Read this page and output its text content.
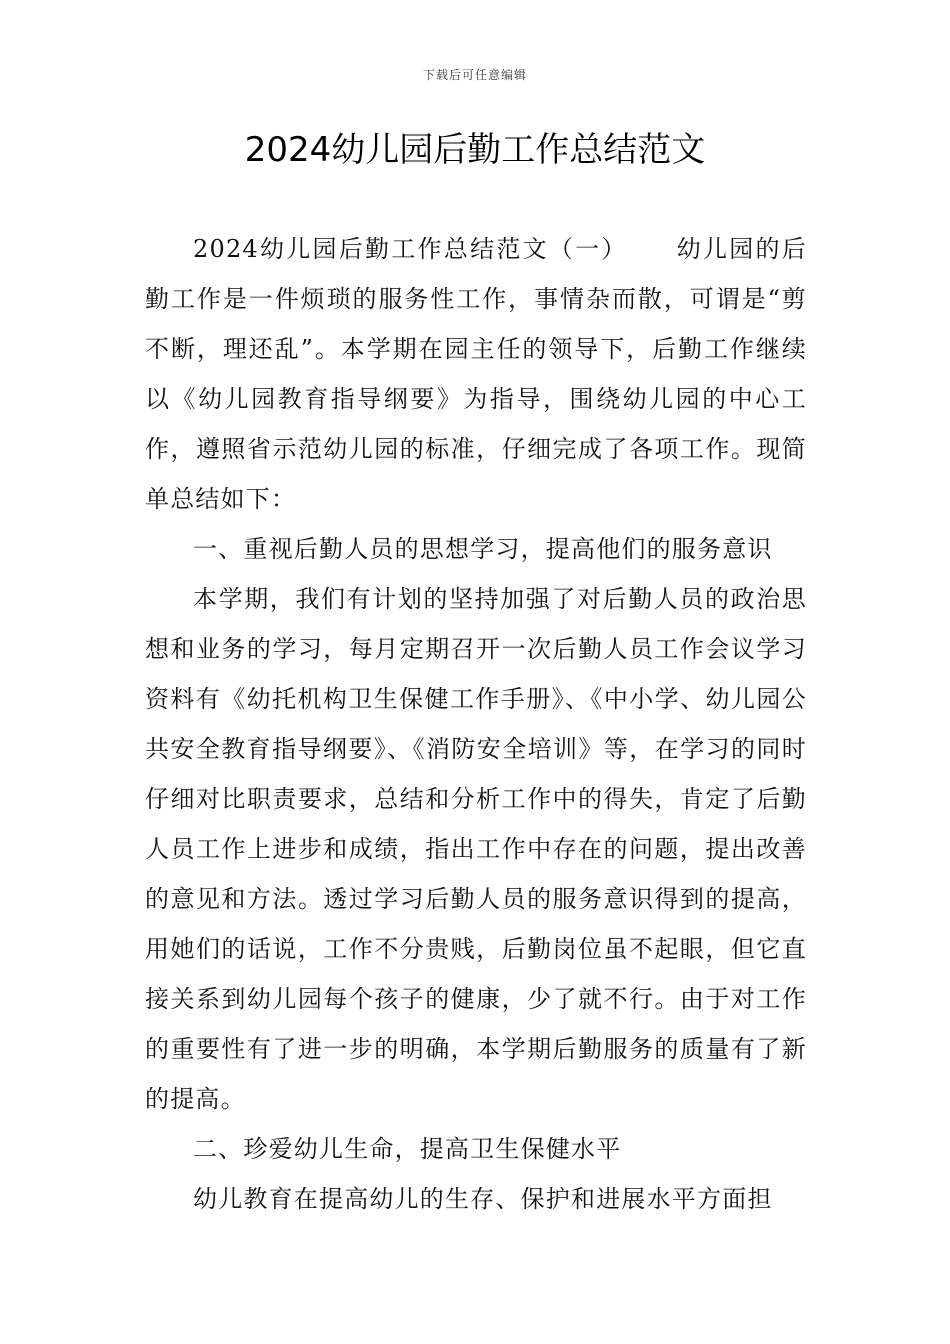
下载后可任意编辑
2024幼儿园后勤工作总结范文

2024幼儿园后勤工作总结范文（一） 幼儿园的后勤工作是一件烦琐的服务性工作，事情杂而散，可谓是“剪不断，理还乱”。本学期在园主任的领导下，后勤工作继续以《幼儿园教育指导纲要》为指导，围绕幼儿园的中心工作，遵照省示范幼儿园的标准，仔细完成了各项工作。现简单总结如下：

一、重视后勤人员的思想学习，提高他们的服务意识

本学期，我们有计划的坚持加强了对后勤人员的政治思想和业务的学习，每月定期召开一次后勤人员工作会议学习资料有《幼托机构卫生保健工作手册》、《中小学、幼儿园公共安全教育指导纲要》、《消防安全培训》等，在学习的同时仔细对比职责要求，总结和分析工作中的得失，肯定了后勤人员工作上进步和成绩，指出工作中存在的问题，提出改善的意见和方法。透过学习后勤人员的服务意识得到的提高，用她们的话说，工作不分贵贱，后勤岗位虽不起眼，但它直接关系到幼儿园每个孩子的健康，少了就不行。由于对工作的重要性有了进一步的明确，本学期后勤服务的质量有了新的提高。

二、珍爱幼儿生命，提高卫生保健水平

幼儿教育在提高幼儿的生存、保护和进展水平方面担
